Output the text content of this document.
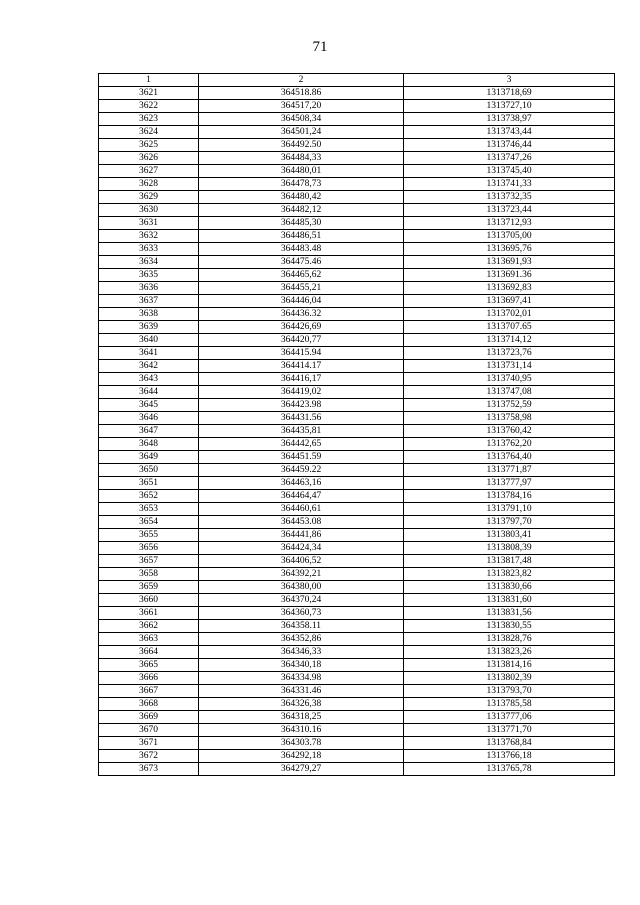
71
1	2	3
3621	364518.86	1313718,69
3622	364517,20	1313727,10
3623	364508,34	1313738,97
3624	364501,24	1313743,44
3625	364492.50	1313746,44
3626	364484,33	1313747,26
3627	364480,01	1313745,40
3628	364478,73	1313741,33
3629	364480,42	1313732,35
3630	364482,12	1313723,44
3631	364485,30	1313712,93
3632	364486,51	1313705,00
3633	364483.48	1313695,76
3634	364475.46	1313691,93
3635	364465,62	1313691.36
3636	364455,21	1313692,83
3637	364446,04	1313697,41
3638	364436.32	1313702,01
3639	364426,69	1313707.65
3640	364420,77	1313714,12
3641	364415.94	1313723,76
3642	364414.17	1313731,14
3643	364416,17	1313740,95
3644	364419,02	1313747,08
3645	364423.98	1313752,59
3646	364431.56	1313758,98
3647	364435,81	1313760,42
3648	364442,65	1313762,20
3649	364451.59	1313764,40
3650	364459.22	1313771,87
3651	364463,16	1313777,97
3652	364464,47	1313784,16
3653	364460,61	1313791,10
3654	364453.08	1313797,70
3655	364441,86	1313803,41
3656	364424,34	1313808,39
3657	364406,52	1313817,48
3658	364392,21	1313823,82
3659	364380,00	1313830,66
3660	364370,24	1313831,60
3661	364360,73	1313831,56
3662	364358.11	1313830,55
3663	364352,86	1313828,76
3664	364346,33	1313823,26
3665	364340,18	1313814,16
3666	364334.98	1313802,39
3667	364331.46	1313793,70
3668	364326,38	1313785,58
3669	364318,25	1313777,06
3670	364310.16	1313771,70
3671	364303.78	1313768,84
3672	364292,18	1313766,18
3673	364279,27	1313765,78
